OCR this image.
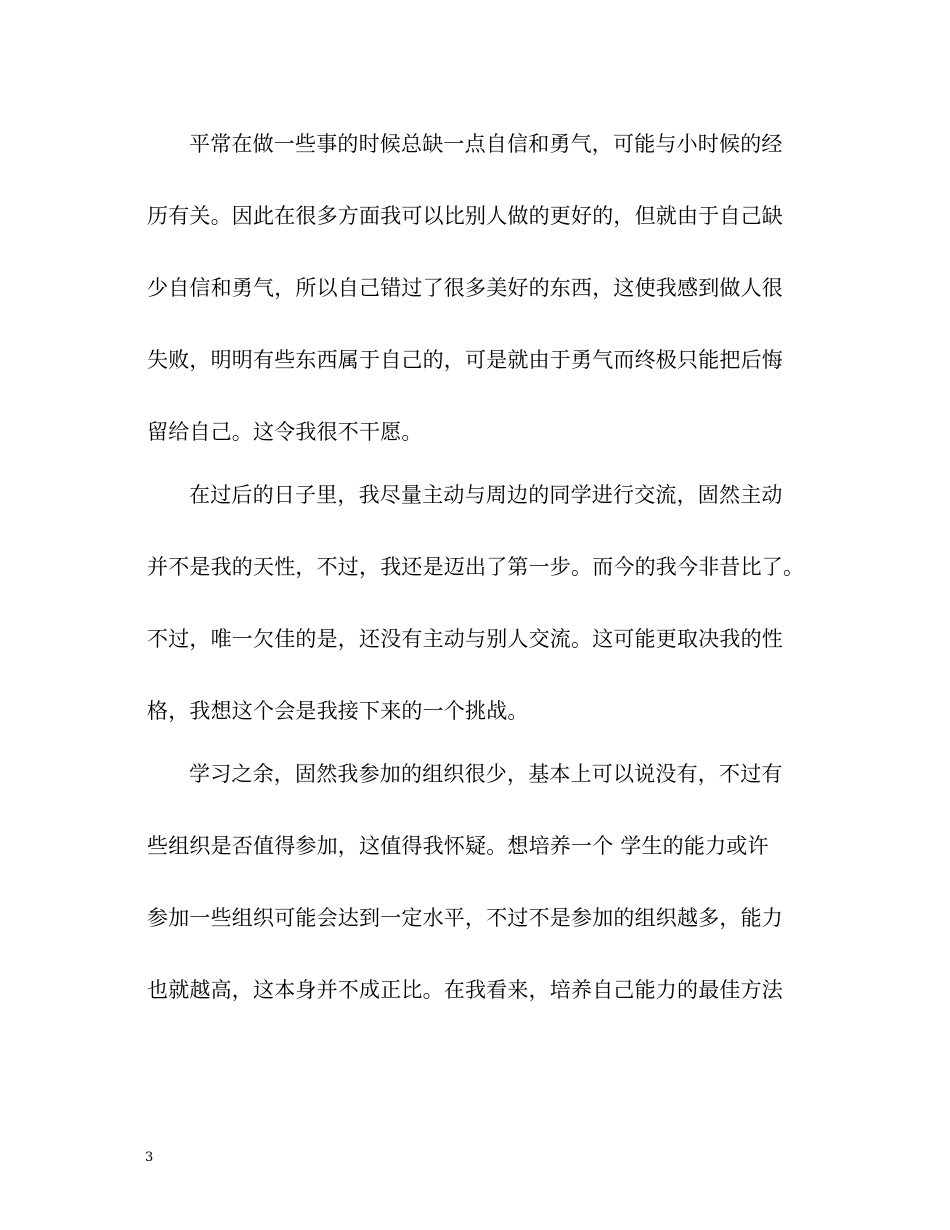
平常在做一些事的时候总缺一点自信和勇气，可能与小时候的经
历有关。因此在很多方面我可以比别人做的更好的，但就由于自己缺
少自信和勇气，所以自己错过了很多美好的东西，这使我感到做人很
失败，明明有些东西属于自己的，可是就由于勇气而终极只能把后悔
留给自己。这令我很不干愿。
在过后的日子里，我尽量主动与周边的同学进行交流，固然主动
并不是我的天性，不过，我还是迈出了第一步。而今的我今非昔比了。
不过，唯一欠佳的是，还没有主动与别人交流。这可能更取决我的性
格，我想这个会是我接下来的一个挑战。
学习之余，固然我参加的组织很少，基本上可以说没有，不过有
些组织是否值得参加，这值得我怀疑。想培养一个 学生的能力或许
参加一些组织可能会达到一定水平，不过不是参加的组织越多，能力
也就越高，这本身并不成正比。在我看来，培养自己能力的最佳方法
3
